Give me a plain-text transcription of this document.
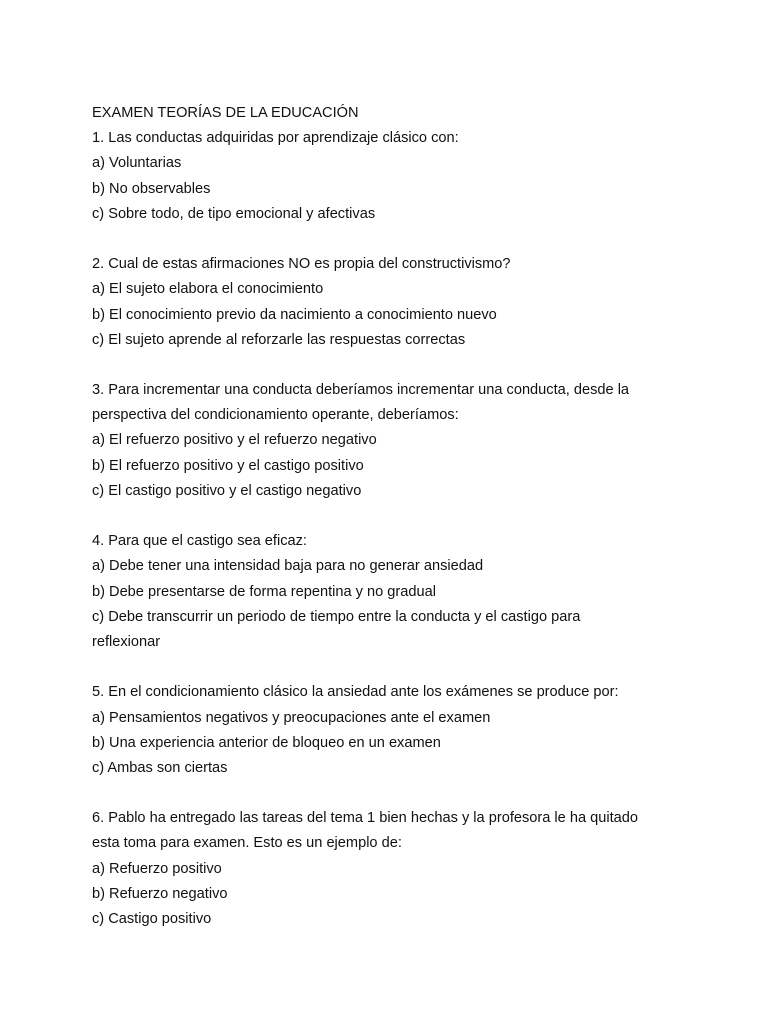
EXAMEN TEORÍAS DE LA EDUCACIÓN
1. Las conductas adquiridas por aprendizaje clásico con:
a) Voluntarias
b) No observables
c) Sobre todo, de tipo emocional y afectivas
2. Cual de estas afirmaciones NO es propia del constructivismo?
a) El sujeto elabora el conocimiento
b) El conocimiento previo da nacimiento a conocimiento nuevo
c) El sujeto aprende al reforzarle las respuestas correctas
3. Para incrementar una conducta deberíamos incrementar una conducta, desde la
perspectiva del condicionamiento operante, deberíamos:
a) El refuerzo positivo y el refuerzo negativo
b) El refuerzo positivo y el castigo positivo
c) El castigo positivo y el castigo negativo
4. Para que el castigo sea eficaz:
a) Debe tener una intensidad baja para no generar ansiedad
b) Debe presentarse de forma repentina y no gradual
c) Debe transcurrir un periodo de tiempo entre la conducta y el castigo para
reflexionar
5. En el condicionamiento clásico la ansiedad ante los exámenes se produce por:
a) Pensamientos negativos y preocupaciones ante el examen
b) Una experiencia anterior de bloqueo en un examen
c) Ambas son ciertas
6. Pablo ha entregado las tareas del tema 1 bien hechas y la profesora le ha quitado
esta toma para examen. Esto es un ejemplo de:
a) Refuerzo positivo
b) Refuerzo negativo
c) Castigo positivo
